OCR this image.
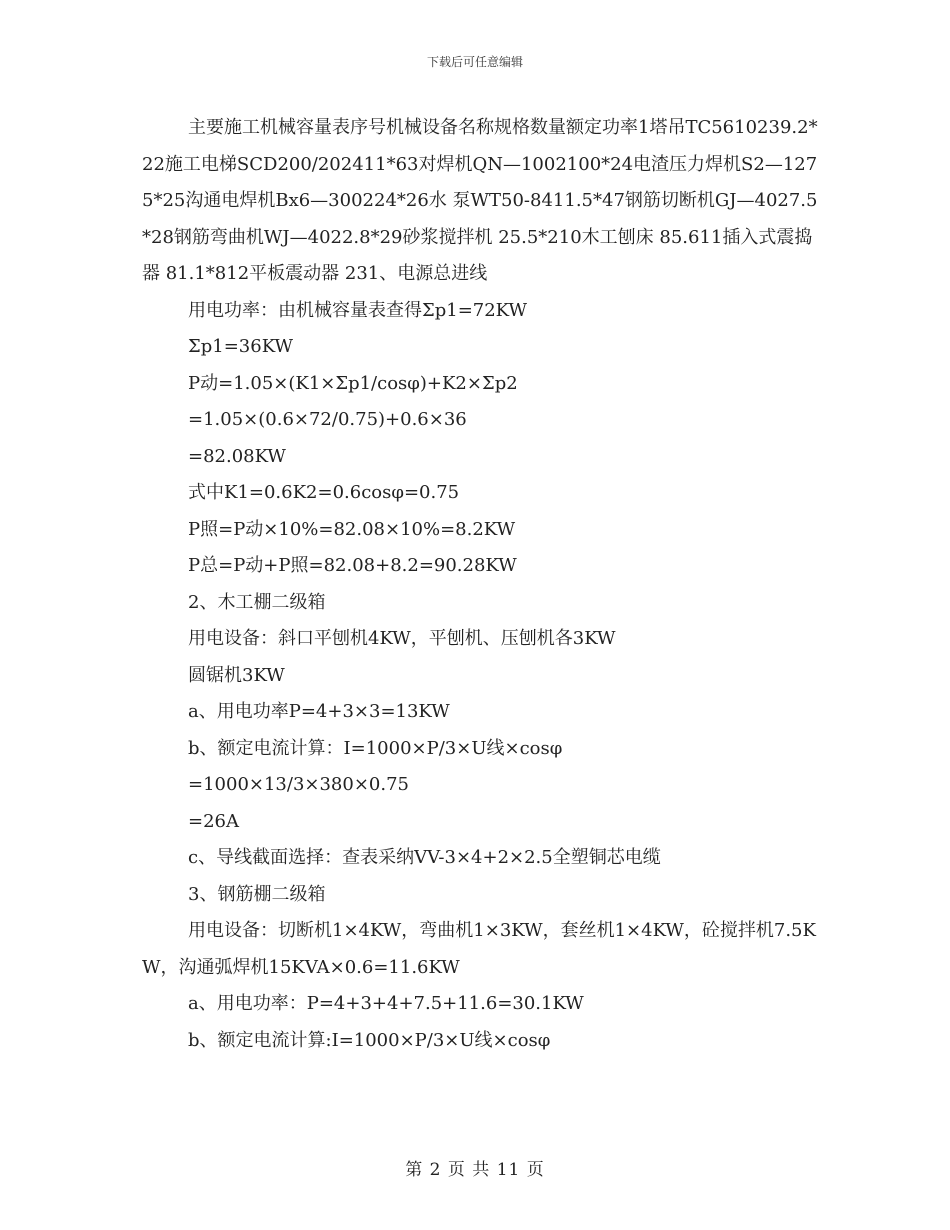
下载后可任意编辑
主要施工机械容量表序号机械设备名称规格数量额定功率1塔吊TC5610239.2*22施工电梯SCD200/202411*63对焊机QN—1002100*24电渣压力焊机S2—1275*25沟通电焊机Bx6—300224*26水 泵WT50-8411.5*47钢筋切断机GJ—4027.5*28钢筋弯曲机WJ—4022.8*29砂浆搅拌机 25.5*210木工刨床 85.611插入式震捣器 81.1*812平板震动器 231、电源总进线
用电功率：由机械容量表查得Σp1=72KW
Σp1=36KW
P动=1.05×(K1×Σp1/cosφ)+K2×Σp2
=1.05×(0.6×72/0.75)+0.6×36
=82.08KW
式中K1=0.6K2=0.6cosφ=0.75
P照=P动×10%=82.08×10%=8.2KW
P总=P动+P照=82.08+8.2=90.28KW
2、木工棚二级箱
用电设备：斜口平刨机4KW，平刨机、压刨机各3KW
圆锯机3KW
a、用电功率P=4+3×3=13KW
b、额定电流计算：I=1000×P/3×U线×cosφ
=1000×13/3×380×0.75
=26A
c、导线截面选择：查表采纳VV-3×4+2×2.5全塑铜芯电缆
3、钢筋棚二级箱
用电设备：切断机1×4KW，弯曲机1×3KW，套丝机1×4KW，砼搅拌机7.5KW，沟通弧焊机15KVA×0.6=11.6KW
a、用电功率：P=4+3+4+7.5+11.6=30.1KW
b、额定电流计算:I=1000×P/3×U线×cosφ
第 2 页 共 11 页
